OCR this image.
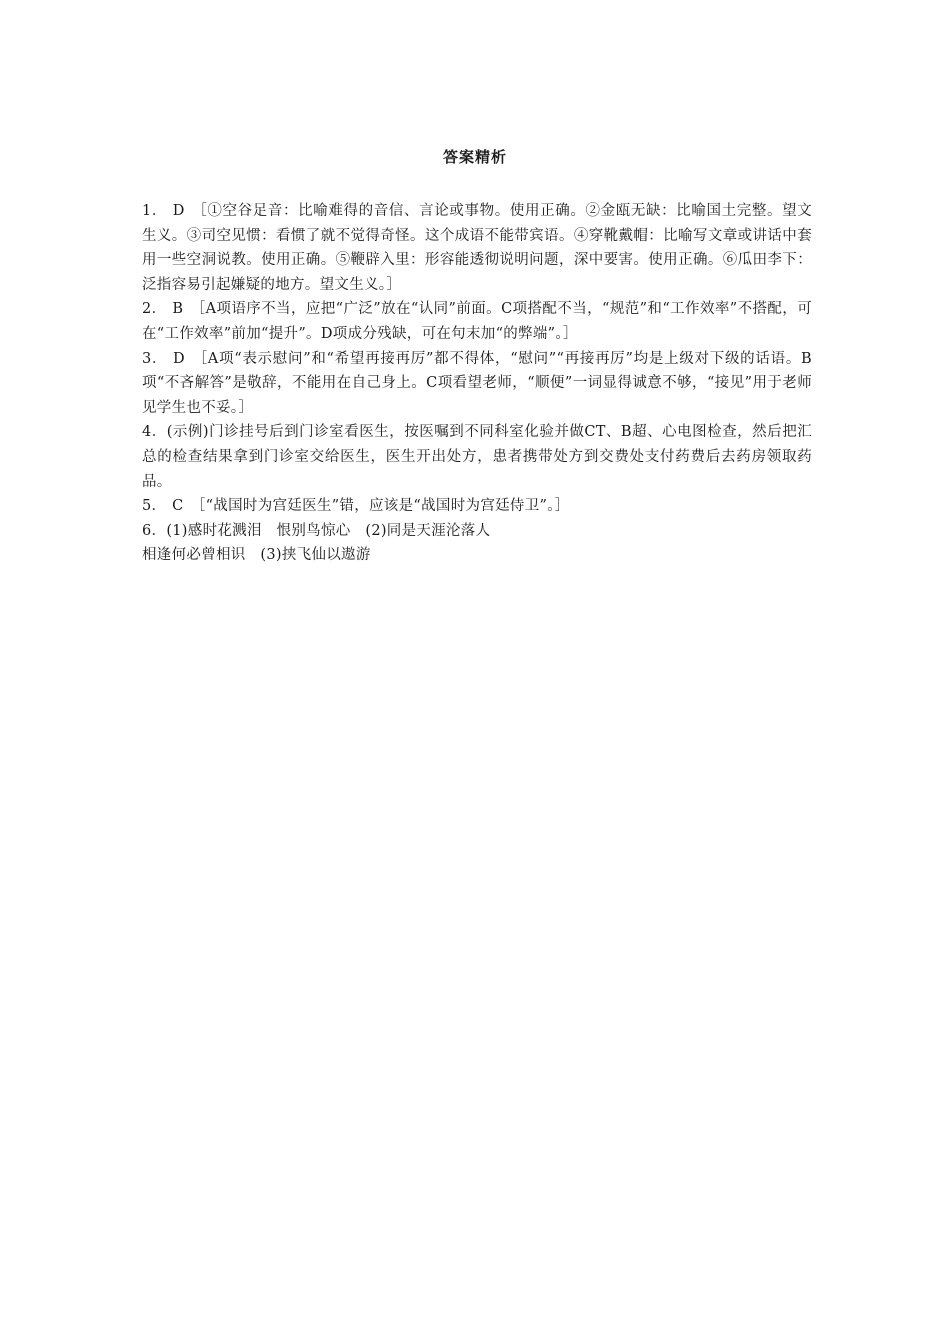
答案精析

1． D ［①空谷足音：比喻难得的音信、言论或事物。使用正确。②金瓯无缺：比喻国土完整。望文生义。③司空见惯：看惯了就不觉得奇怪。这个成语不能带宾语。④穿靴戴帽：比喻写文章或讲话中套用一些空洞说教。使用正确。⑤鞭辟入里：形容能透彻说明问题，深中要害。使用正确。⑥瓜田李下：泛指容易引起嫌疑的地方。望文生义。］

2． B ［A项语序不当，应把“广泛”放在“认同”前面。C项搭配不当，“规范”和“工作效率”不搭配，可在“工作效率”前加“提升”。D项成分残缺，可在句末加“的弊端”。］

3． D ［A项“表示慰问”和“希望再接再厉”都不得体，“慰问”“再接再厉”均是上级对下级的话语。B项“不吝解答”是敬辞，不能用在自己身上。C项看望老师，“顺便”一词显得诚意不够，“接见”用于老师见学生也不妥。］

4．(示例)门诊挂号后到门诊室看医生，按医嘱到不同科室化验并做CT、B超、心电图检查，然后把汇总的检查结果拿到门诊室交给医生，医生开出处方，患者携带处方到交费处支付药费后去药房领取药品。

5． C ［“战国时为宫廷医生”错，应该是“战国时为宫廷侍卫”。］

6．(1)感时花溅泪　恨别鸟惊心　(2)同是天涯沦落人

相逢何必曾相识　(3)挟飞仙以遨游
